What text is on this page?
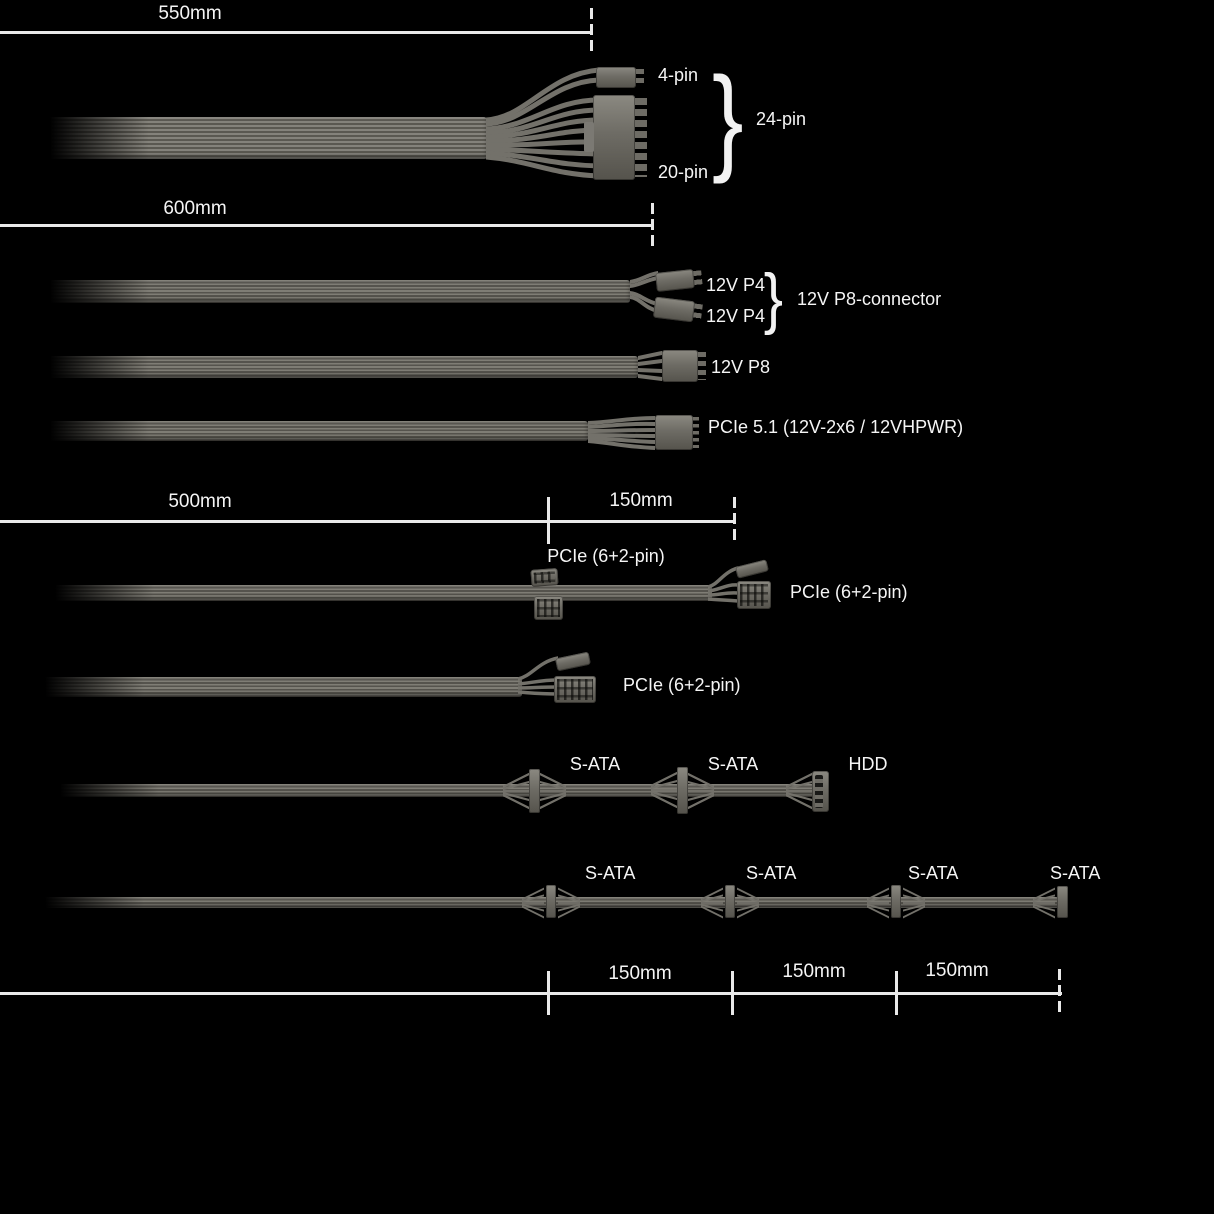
550mm
4-pin
20-pin } 24-pin
600mm
12V P4
12V P4
} 12V P8-connector
12V P8
PCIe 5.1 (12V-2x6 / 12VHPWR)
500mm	150mm
PCIe (6+2-pin)
PCIe (6+2-pin)
PCIe (6+2-pin)
S-ATA	S-ATA	HDD
S-ATA	S-ATA	S-ATA	S-ATA
150mm	150mm	150mm
